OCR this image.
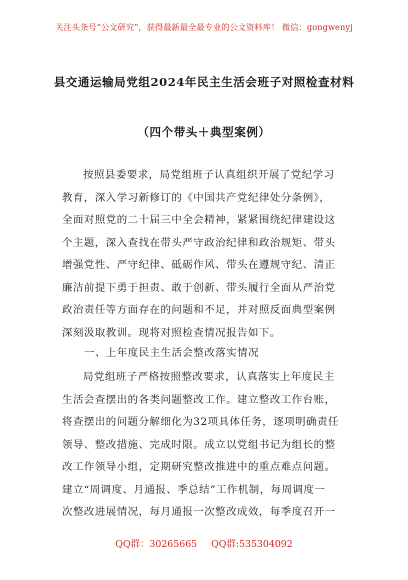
关注头条号“公文研究”，获得最新最全最专业的公文资料库！ 微信：gongwenyj
县交通运输局党组2024年民主生活会班子对照检查材料
（四个带头＋典型案例）
按照县委要求，局党组班子认真组织开展了党纪学习
教育，深入学习新修订的《中国共产党纪律处分条例》，
全面对照党的二十届三中全会精神，紧紧围绕纪律建设这
个主题，深入查找在带头严守政治纪律和政治规矩、带头
增强党性、严守纪律、砥砺作风、带头在遵规守纪、清正
廉洁前提下勇于担责、敢于创新、带头履行全面从严治党
政治责任等方面存在的问题和不足，并对照反面典型案例
深刻汲取教训。现将对照检查情况报告如下。
一、上年度民主生活会整改落实情况
局党组班子严格按照整改要求，认真落实上年度民主
生活会查摆出的各类问题整改工作。建立整改工作台账，
将查摆出的问题分解细化为32项具体任务，逐项明确责任
领导、整改措施、完成时限。成立以党组书记为组长的整
改工作领导小组，定期研究整改推进中的重点难点问题。
建立“周调度、月通报、季总结”工作机制，每周调度一
次整改进展情况，每月通报一次整改成效，每季度召开一
QQ群：30265665 QQ群:535304092
